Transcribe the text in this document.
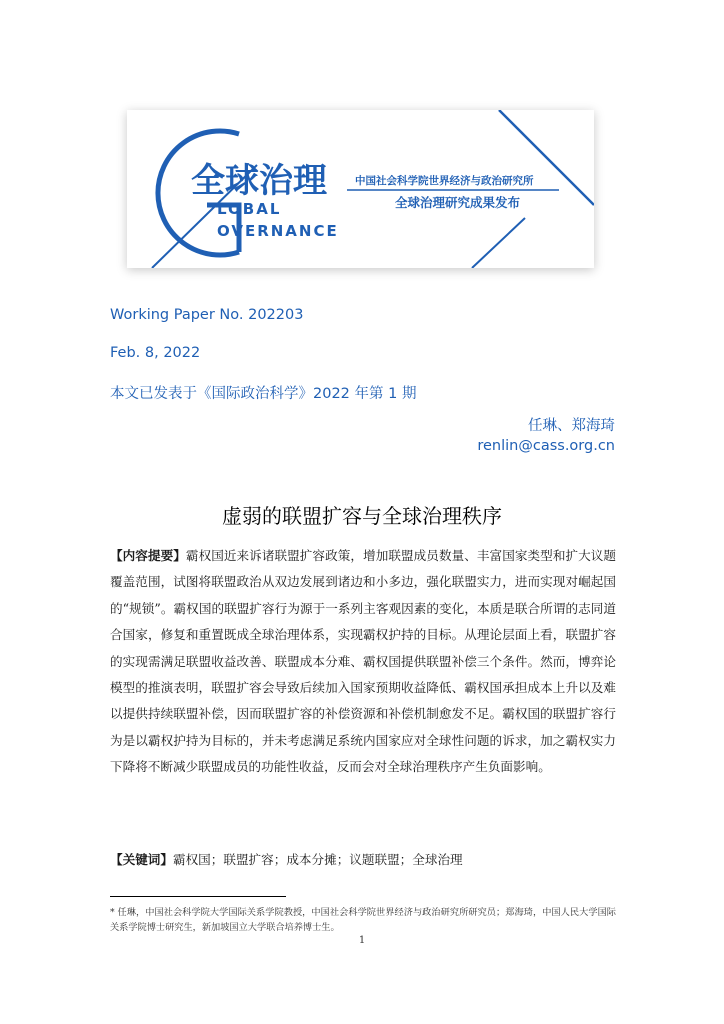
全球治理	中国社会科学院世界经济与政治研究所
全球治理研究成果发布
LOBAL
OVERNANCE
Working Paper No. 202203
Feb. 8, 2022
本文已发表于《国际政治科学》2022 年第 1 期
任琳、郑海琦
renlin@cass.org.cn
虚弱的联盟扩容与全球治理秩序
【内容提要】霸权国近来诉诸联盟扩容政策，增加联盟成员数量、丰富国家类型和扩大议题覆盖范围，试图将联盟政治从双边发展到诸边和小多边，强化联盟实力，进而实现对崛起国的“规锁”。霸权国的联盟扩容行为源于一系列主客观因素的变化，本质是联合所谓的志同道合国家，修复和重置既成全球治理体系，实现霸权护持的目标。从理论层面上看，联盟扩容的实现需满足联盟收益改善、联盟成本分难、霸权国提供联盟补偿三个条件。然而，博弈论模型的推演表明，联盟扩容会导致后续加入国家预期收益降低、霸权国承担成本上升以及难以提供持续联盟补偿，因而联盟扩容的补偿资源和补偿机制愈发不足。霸权国的联盟扩容行为是以霸权护持为目标的，并未考虑满足系统内国家应对全球性问题的诉求，加之霸权实力下降将不断减少联盟成员的功能性收益，反而会对全球治理秩序产生负面影响。
【关键词】霸权国；联盟扩容；成本分摊；议题联盟；全球治理
* 任琳，中国社会科学院大学国际关系学院教授，中国社会科学院世界经济与政治研究所研究员；郑海琦，中国人民大学国际关系学院博士研究生，新加坡国立大学联合培养博士生。
1
